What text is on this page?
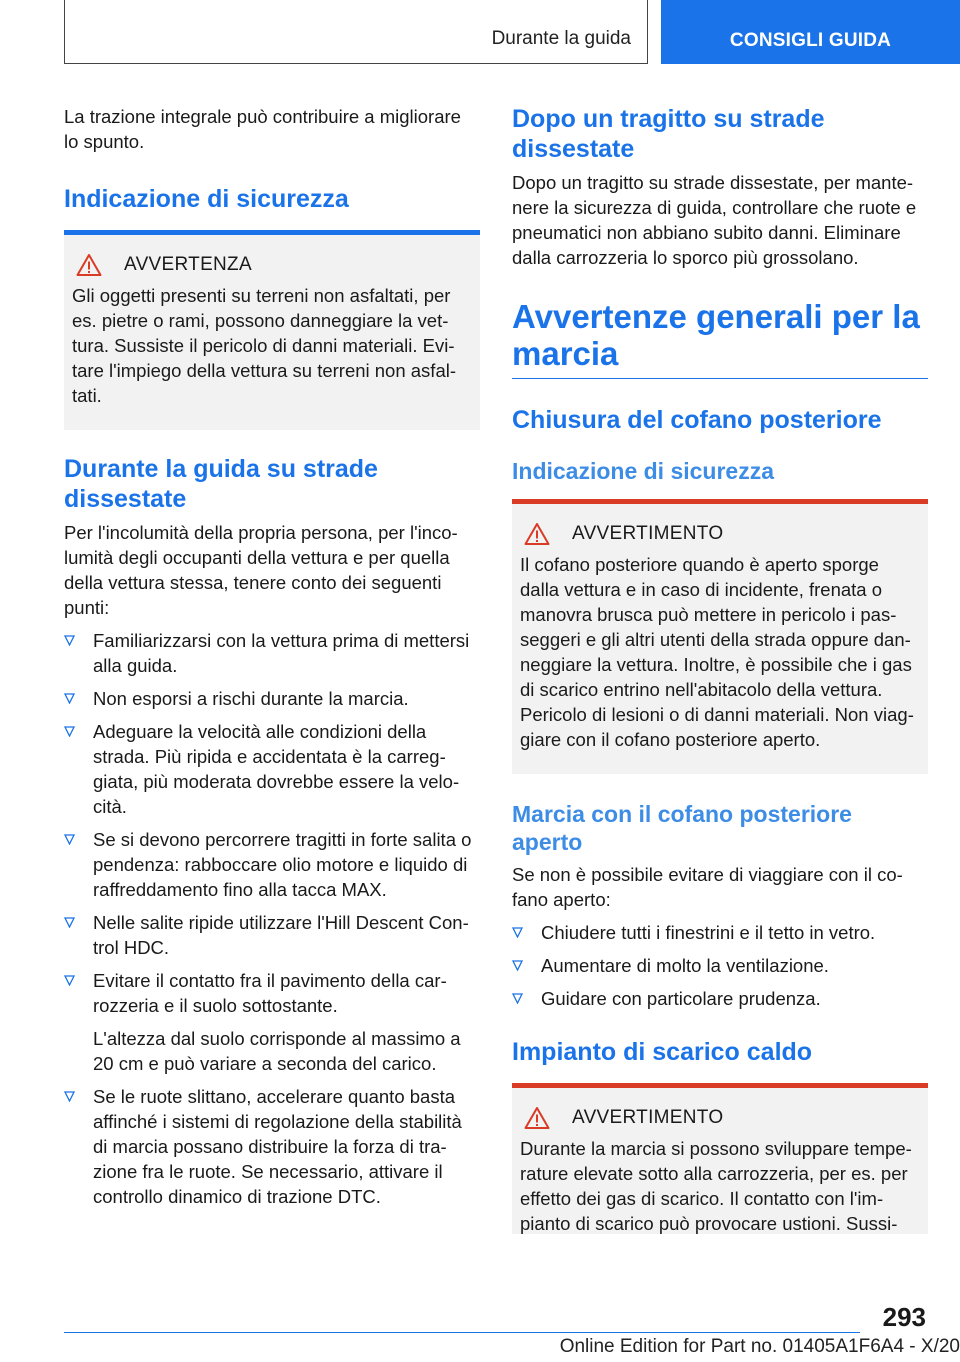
Durante la guida	CONSIGLI GUIDA

La trazione integrale può contribuire a migliorare lo spunto.

Indicazione di sicurezza
AVVERTENZA
Gli oggetti presenti su terreni non asfaltati, per es. pietre o rami, possono danneggiare la vettura. Sussiste il pericolo di danni materiali. Evitare l'impiego della vettura su terreni non asfaltati.
Durante la guida su strade dissestate

Per l'incolumità della propria persona, per l'incolumità degli occupanti della vettura e per quella della vettura stessa, tenere conto dei seguenti punti:

Familiarizzarsi con la vettura prima di mettersi alla guida.
Non esporsi a rischi durante la marcia.
Adeguare la velocità alle condizioni della strada. Più ripida e accidentata è la carreggiata, più moderata dovrebbe essere la velocità.
Se si devono percorrere tragitti in forte salita o pendenza: rabboccare olio motore e liquido di raffreddamento fino alla tacca MAX.
Nelle salite ripide utilizzare l'Hill Descent Control HDC.
Evitare il contatto fra il pavimento della carrozzeria e il suolo sottostante.
L'altezza dal suolo corrisponde al massimo a 20 cm e può variare a seconda del carico.
Se le ruote slittano, accelerare quanto basta affinché i sistemi di regolazione della stabilità di marcia possano distribuire la forza di trazione fra le ruote. Se necessario, attivare il controllo dinamico di trazione DTC.
Dopo un tragitto su strade dissestate

Dopo un tragitto su strade dissestate, per mantenere la sicurezza di guida, controllare che ruote e pneumatici non abbiano subito danni. Eliminare dalla carrozzeria lo sporco più grossolano.

Avvertenze generali per la marcia
Chiusura del cofano posteriore
Indicazione di sicurezza
AVVERTIMENTO
Il cofano posteriore quando è aperto sporge dalla vettura e in caso di incidente, frenata o manovra brusca può mettere in pericolo i passeggeri e gli altri utenti della strada oppure danneggiare la vettura. Inoltre, è possibile che i gas di scarico entrino nell'abitacolo della vettura. Pericolo di lesioni o di danni materiali. Non viaggiare con il cofano posteriore aperto.
Marcia con il cofano posteriore aperto

Se non è possibile evitare di viaggiare con il cofano aperto:

Chiudere tutti i finestrini e il tetto in vetro.
Aumentare di molto la ventilazione.
Guidare con particolare prudenza.
Impianto di scarico caldo
AVVERTIMENTO
Durante la marcia si possono sviluppare temperature elevate sotto alla carrozzeria, per es. per effetto dei gas di scarico. Il contatto con l'impianto di scarico può provocare ustioni. Sussi-
293
Online Edition for Part no. 01405A1F6A4 - X/20
